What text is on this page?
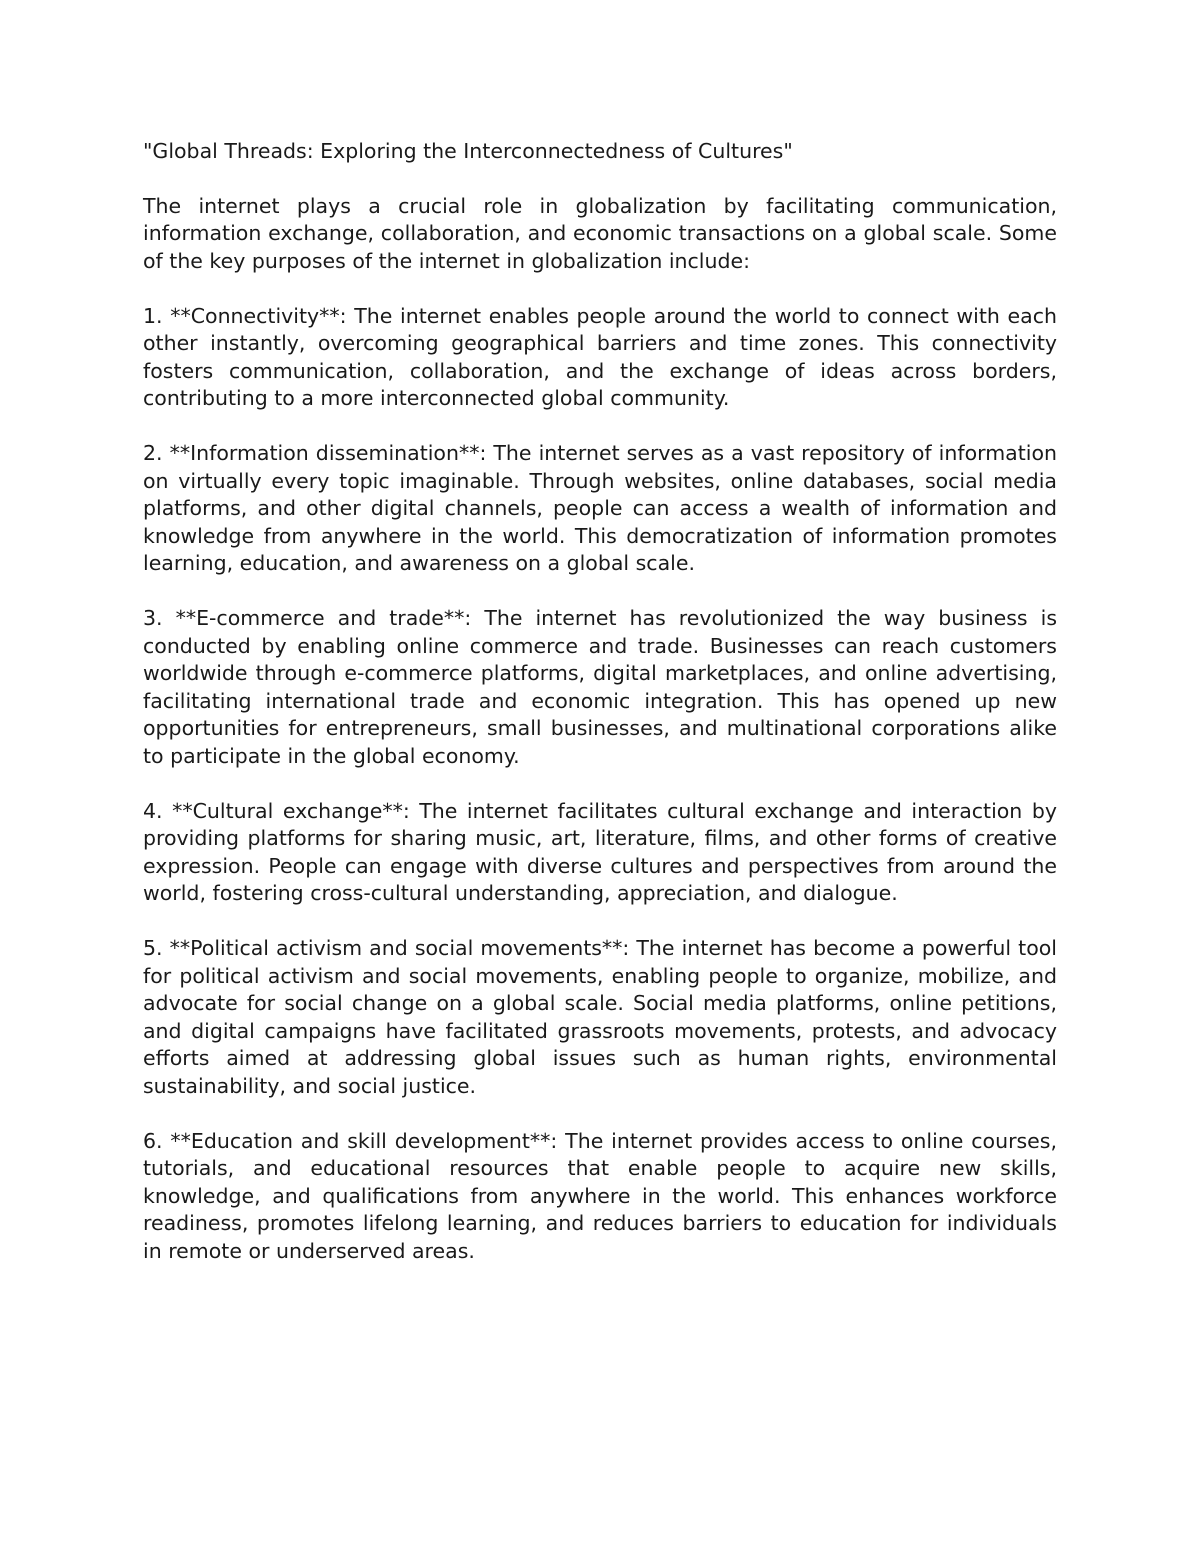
"Global Threads: Exploring the Interconnectedness of Cultures"

The internet plays a crucial role in globalization by facilitating communication, information exchange, collaboration, and economic transactions on a global scale. Some of the key purposes of the internet in globalization include:

1. **Connectivity**: The internet enables people around the world to connect with each other instantly, overcoming geographical barriers and time zones. This connectivity fosters communication, collaboration, and the exchange of ideas across borders, contributing to a more interconnected global community.

2. **Information dissemination**: The internet serves as a vast repository of information on virtually every topic imaginable. Through websites, online databases, social media platforms, and other digital channels, people can access a wealth of information and knowledge from anywhere in the world. This democratization of information promotes learning, education, and awareness on a global scale.

3. **E-commerce and trade**: The internet has revolutionized the way business is conducted by enabling online commerce and trade. Businesses can reach customers worldwide through e-commerce platforms, digital marketplaces, and online advertising, facilitating international trade and economic integration. This has opened up new opportunities for entrepreneurs, small businesses, and multinational corporations alike to participate in the global economy.

4. **Cultural exchange**: The internet facilitates cultural exchange and interaction by providing platforms for sharing music, art, literature, films, and other forms of creative expression. People can engage with diverse cultures and perspectives from around the world, fostering cross-cultural understanding, appreciation, and dialogue.

5. **Political activism and social movements**: The internet has become a powerful tool for political activism and social movements, enabling people to organize, mobilize, and advocate for social change on a global scale. Social media platforms, online petitions, and digital campaigns have facilitated grassroots movements, protests, and advocacy efforts aimed at addressing global issues such as human rights, environmental sustainability, and social justice.

6. **Education and skill development**: The internet provides access to online courses, tutorials, and educational resources that enable people to acquire new skills, knowledge, and qualifications from anywhere in the world. This enhances workforce readiness, promotes lifelong learning, and reduces barriers to education for individuals in remote or underserved areas.
